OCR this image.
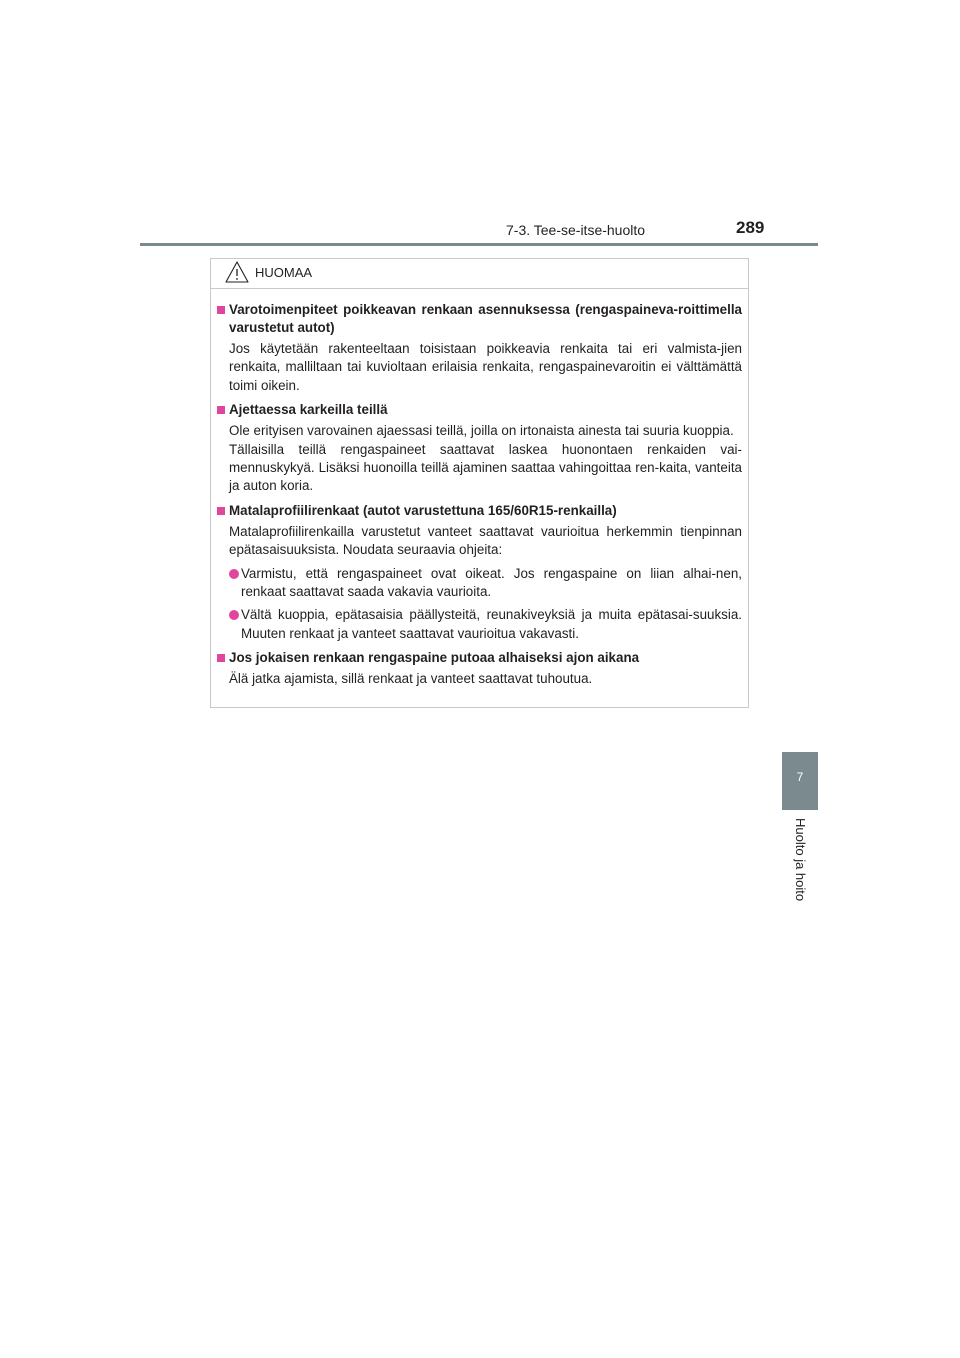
7-3. Tee-se-itse-huolto	289
7
Huolto ja hoito
HUOMAA
Varotoimenpiteet poikkeavan renkaan asennuksessa (rengaspaineva-roittimella varustetut autot)
Jos käytetään rakenteeltaan toisistaan poikkeavia renkaita tai eri valmista-jien renkaita, malliltaan tai kuvioltaan erilaisia renkaita, rengaspainevaroitin ei välttämättä toimi oikein.
Ajettaessa karkeilla teillä
Ole erityisen varovainen ajaessasi teillä, joilla on irtonaista ainesta tai suuria kuoppia.
Tällaisilla teillä rengaspaineet saattavat laskea huonontaen renkaiden vai-mennuskykyä. Lisäksi huonoilla teillä ajaminen saattaa vahingoittaa ren-kaita, vanteita ja auton koria.
Matalaprofiilirenkaat (autot varustettuna 165/60R15-renkailla)
Matalaprofiilirenkailla varustetut vanteet saattavat vaurioitua herkemmin tienpinnan epätasaisuuksista. Noudata seuraavia ohjeita:
Varmistu, että rengaspaineet ovat oikeat. Jos rengaspaine on liian alhai-nen, renkaat saattavat saada vakavia vaurioita.
Vältä kuoppia, epätasaisia päällysteitä, reunakiveyksiä ja muita epätasai-suuksia. Muuten renkaat ja vanteet saattavat vaurioitua vakavasti.
Jos jokaisen renkaan rengaspaine putoaa alhaiseksi ajon aikana
Älä jatka ajamista, sillä renkaat ja vanteet saattavat tuhoutua.
